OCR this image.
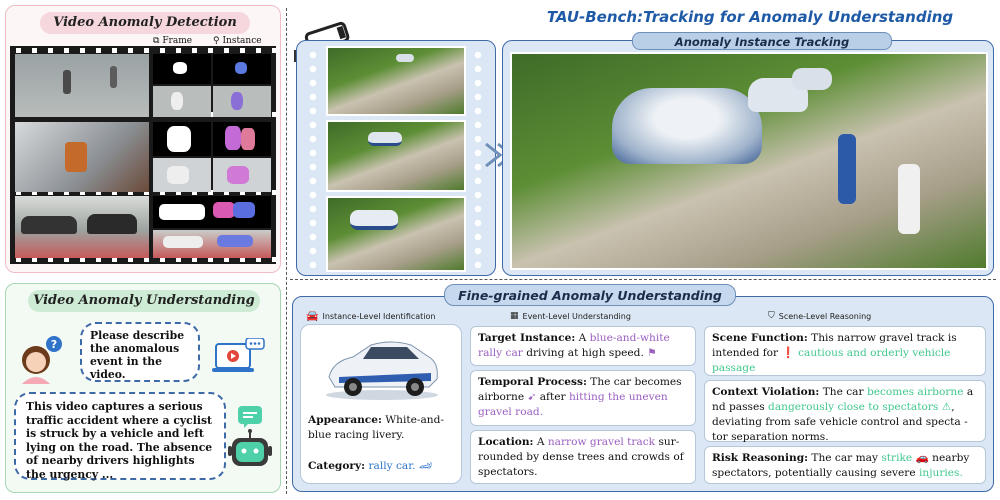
Video Anomaly Detection
⧉ Frame ⚲ Instance
Video Anomaly Understanding
?
Please describe the anomalous event in the video.
This video captures a serious traffic accident where a cyclist is struck by a vehicle and left lying on the road. The absence of nearby drivers highlights the urgency ...
TAU-Bench:Tracking for Anomaly Understanding
Anomaly Instance Tracking
Fine-grained Anomaly Understanding
🚘 Instance-Level Identification	▦ Event-Level Understanding	⛉ Scene-Level Reasoning
Appearance: White-and-blue racing livery.
Category: rally car. 🏎
Target Instance: A blue-and-white rally car driving at high speed. ⚑
Temporal Process: The car becomes airborne ➹ after hitting the uneven gravel road.
Location: A narrow gravel track sur- rounded by dense trees and crowds of spectators.
Scene Function: This narrow gravel track is intended for ❗ cautious and orderly vehicle passage
Context Violation: The car becomes airborne a nd passes dangerously close to spectators ⚠, deviating from safe vehicle control and specta -tor separation norms.
Risk Reasoning: The car may strike 🚗 nearby spectators, potentially causing severe injuries.
